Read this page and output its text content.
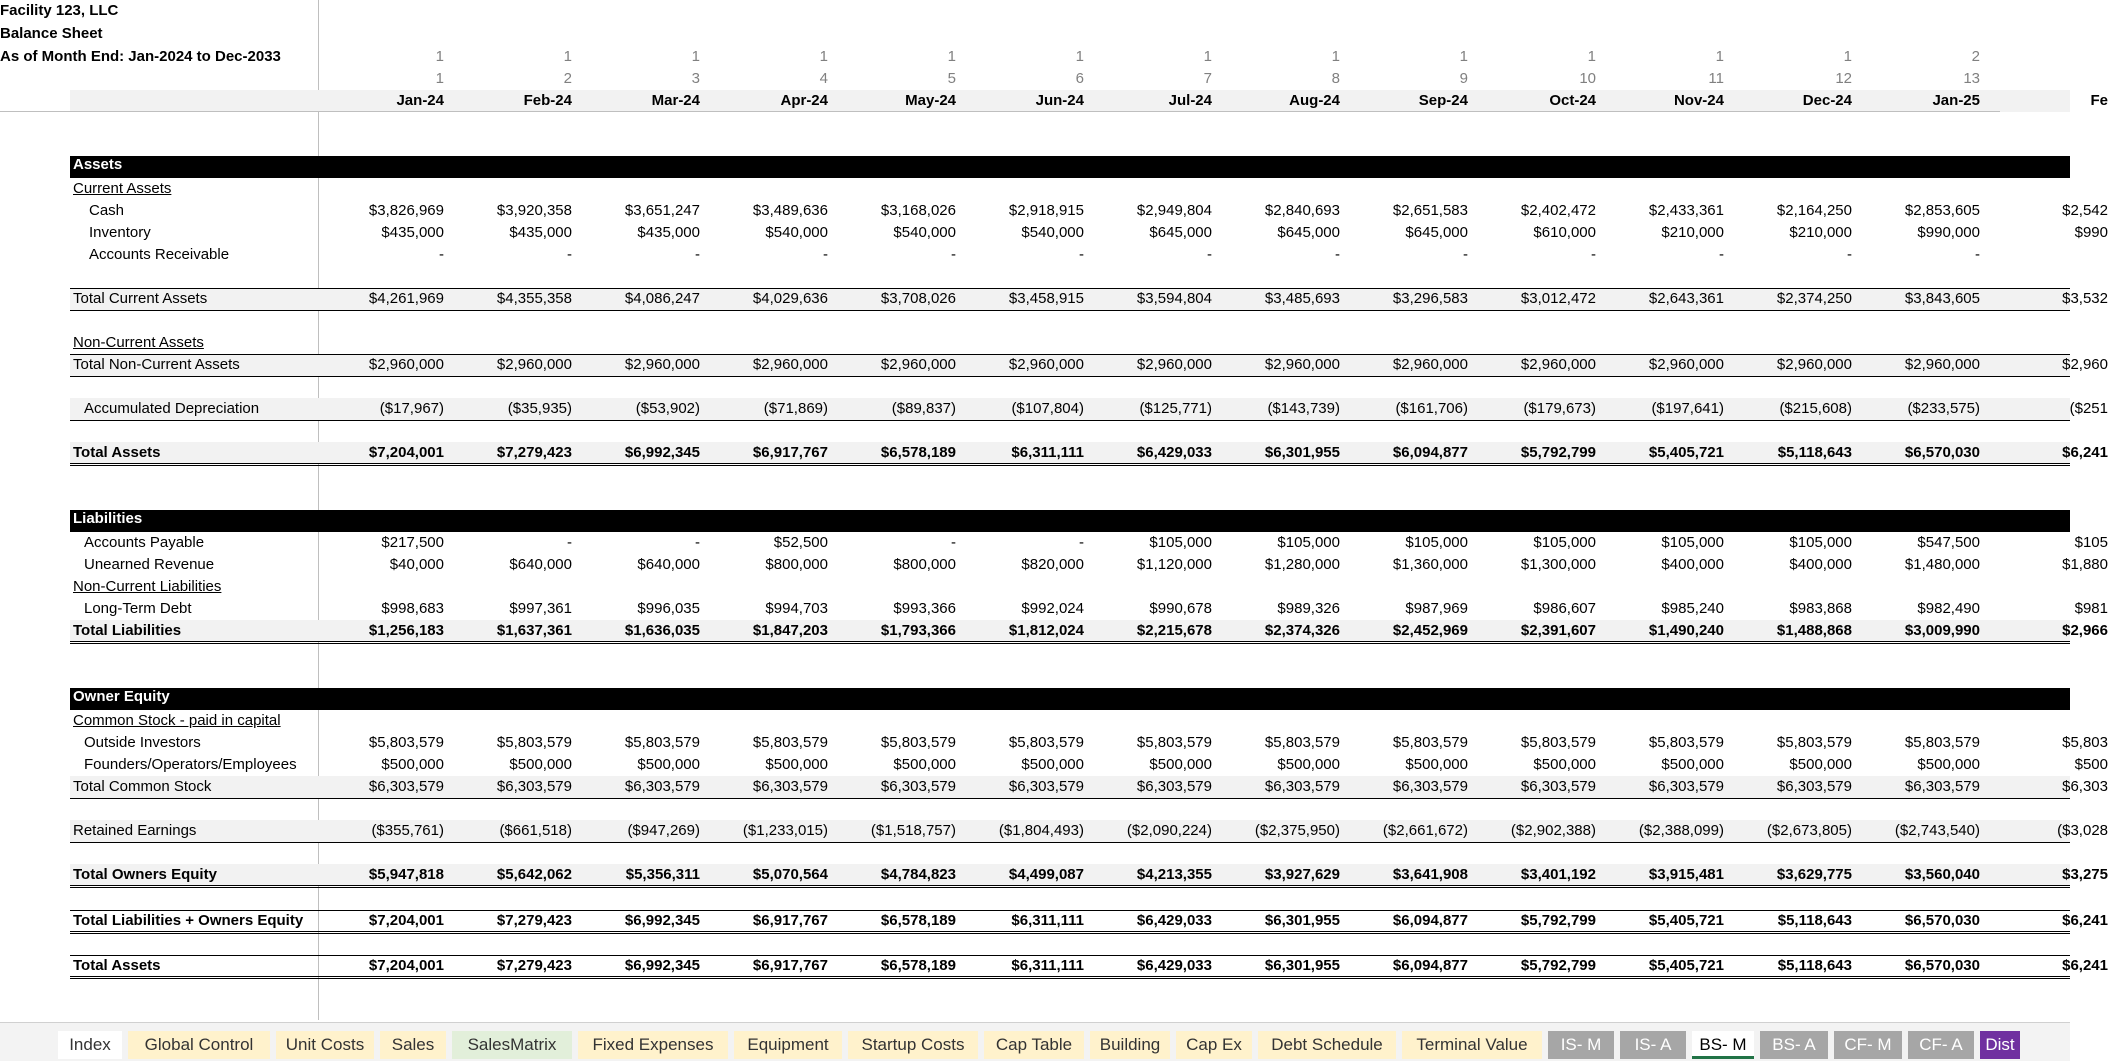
Facility 123, LLC
Balance Sheet
As of Month End: Jan-2024 to Dec-2033	1	1	1	1	1	1	1	1	1	1	1	1	2
1	2	3	4	5	6	7	8	9	10	11	12	13
Jan-24	Feb-24	Mar-24	Apr-24	May-24	Jun-24	Jul-24	Aug-24	Sep-24	Oct-24	Nov-24	Dec-24	Jan-25	Fe
Assets
Current Assets
Cash	$3,826,969	$3,920,358	$3,651,247	$3,489,636	$3,168,026	$2,918,915	$2,949,804	$2,840,693	$2,651,583	$2,402,472	$2,433,361	$2,164,250	$2,853,605	$2,542
Inventory	$435,000	$435,000	$435,000	$540,000	$540,000	$540,000	$645,000	$645,000	$645,000	$610,000	$210,000	$210,000	$990,000	$990
Accounts Receivable	-	-	-	-	-	-	-	-	-	-	-	-	-
Total Current Assets	$4,261,969	$4,355,358	$4,086,247	$4,029,636	$3,708,026	$3,458,915	$3,594,804	$3,485,693	$3,296,583	$3,012,472	$2,643,361	$2,374,250	$3,843,605	$3,532
Non-Current Assets
Total Non-Current Assets	$2,960,000	$2,960,000	$2,960,000	$2,960,000	$2,960,000	$2,960,000	$2,960,000	$2,960,000	$2,960,000	$2,960,000	$2,960,000	$2,960,000	$2,960,000	$2,960
Accumulated Depreciation	($17,967)	($35,935)	($53,902)	($71,869)	($89,837)	($107,804)	($125,771)	($143,739)	($161,706)	($179,673)	($197,641)	($215,608)	($233,575)	($251
Total Assets	$7,204,001	$7,279,423	$6,992,345	$6,917,767	$6,578,189	$6,311,111	$6,429,033	$6,301,955	$6,094,877	$5,792,799	$5,405,721	$5,118,643	$6,570,030	$6,241
Liabilities
Accounts Payable	$217,500	-	-	$52,500	-	-	$105,000	$105,000	$105,000	$105,000	$105,000	$105,000	$547,500	$105
Unearned Revenue	$40,000	$640,000	$640,000	$800,000	$800,000	$820,000	$1,120,000	$1,280,000	$1,360,000	$1,300,000	$400,000	$400,000	$1,480,000	$1,880
Non-Current Liabilities
Long-Term Debt	$998,683	$997,361	$996,035	$994,703	$993,366	$992,024	$990,678	$989,326	$987,969	$986,607	$985,240	$983,868	$982,490	$981
Total Liabilities	$1,256,183	$1,637,361	$1,636,035	$1,847,203	$1,793,366	$1,812,024	$2,215,678	$2,374,326	$2,452,969	$2,391,607	$1,490,240	$1,488,868	$3,009,990	$2,966
Owner Equity
Common Stock - paid in capital
Outside Investors	$5,803,579	$5,803,579	$5,803,579	$5,803,579	$5,803,579	$5,803,579	$5,803,579	$5,803,579	$5,803,579	$5,803,579	$5,803,579	$5,803,579	$5,803,579	$5,803
Founders/Operators/Employees	$500,000	$500,000	$500,000	$500,000	$500,000	$500,000	$500,000	$500,000	$500,000	$500,000	$500,000	$500,000	$500,000	$500
Total Common Stock	$6,303,579	$6,303,579	$6,303,579	$6,303,579	$6,303,579	$6,303,579	$6,303,579	$6,303,579	$6,303,579	$6,303,579	$6,303,579	$6,303,579	$6,303,579	$6,303
Retained Earnings	($355,761)	($661,518)	($947,269)	($1,233,015)	($1,518,757)	($1,804,493)	($2,090,224)	($2,375,950)	($2,661,672)	($2,902,388)	($2,388,099)	($2,673,805)	($2,743,540)	($3,028
Total Owners Equity	$5,947,818	$5,642,062	$5,356,311	$5,070,564	$4,784,823	$4,499,087	$4,213,355	$3,927,629	$3,641,908	$3,401,192	$3,915,481	$3,629,775	$3,560,040	$3,275
Total Liabilities + Owners Equity	$7,204,001	$7,279,423	$6,992,345	$6,917,767	$6,578,189	$6,311,111	$6,429,033	$6,301,955	$6,094,877	$5,792,799	$5,405,721	$5,118,643	$6,570,030	$6,241
Total Assets	$7,204,001	$7,279,423	$6,992,345	$6,917,767	$6,578,189	$6,311,111	$6,429,033	$6,301,955	$6,094,877	$5,792,799	$5,405,721	$5,118,643	$6,570,030	$6,241
Index	Global Control	Unit Costs	Sales	SalesMatrix	Fixed Expenses	Equipment	Startup Costs	Cap Table	Building	Cap Ex	Debt Schedule	Terminal Value	IS- M	IS- A	BS- M	BS- A	CF- M	CF- A	Dist
